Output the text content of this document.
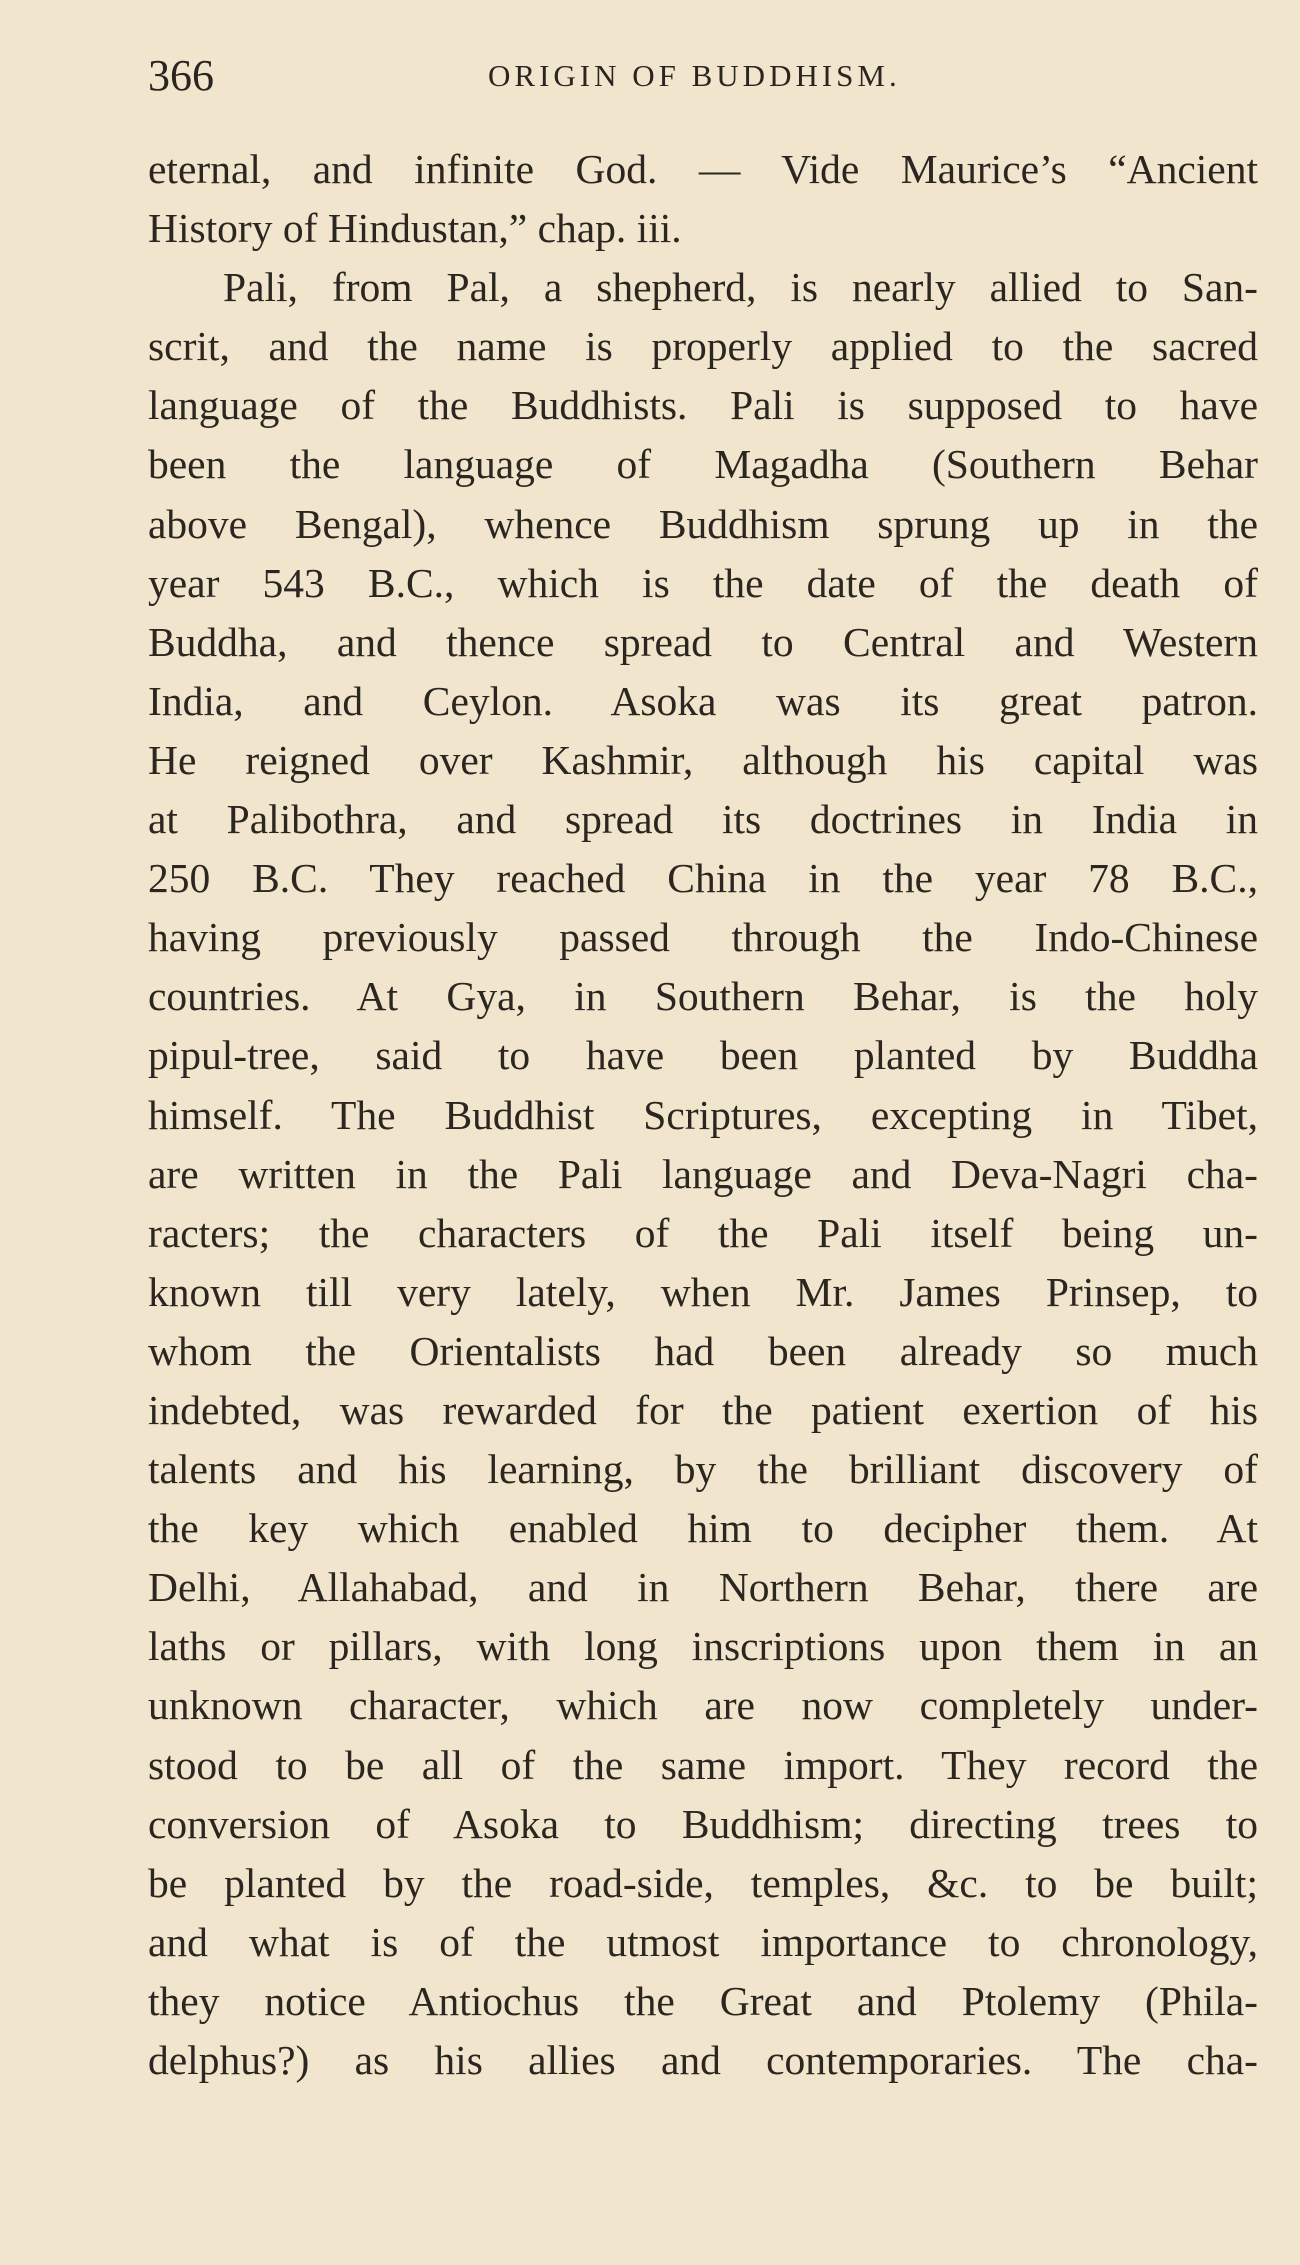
366	ORIGIN OF BUDDHISM.
eternal, and infinite God. — Vide Maurice’s “Ancient
History of Hindustan,” chap. iii.
Pali, from Pal, a shepherd, is nearly allied to San-
scrit, and the name is properly applied to the sacred
language of the Buddhists. Pali is supposed to have
been the language of Magadha (Southern Behar
above Bengal), whence Buddhism sprung up in the
year 543 B.C., which is the date of the death of
Buddha, and thence spread to Central and Western
India, and Ceylon. Asoka was its great patron.
He reigned over Kashmir, although his capital was
at Palibothra, and spread its doctrines in India in
250 B.C. They reached China in the year 78 B.C.,
having previously passed through the Indo-Chinese
countries. At Gya, in Southern Behar, is the holy
pipul-tree, said to have been planted by Buddha
himself. The Buddhist Scriptures, excepting in Tibet,
are written in the Pali language and Deva-Nagri cha-
racters; the characters of the Pali itself being un-
known till very lately, when Mr. James Prinsep, to
whom the Orientalists had been already so much
indebted, was rewarded for the patient exertion of his
talents and his learning, by the brilliant discovery of
the key which enabled him to decipher them. At
Delhi, Allahabad, and in Northern Behar, there are
laths or pillars, with long inscriptions upon them in an
unknown character, which are now completely under-
stood to be all of the same import. They record the
conversion of Asoka to Buddhism; directing trees to
be planted by the road-side, temples, &c. to be built;
and what is of the utmost importance to chronology,
they notice Antiochus the Great and Ptolemy (Phila-
delphus?) as his allies and contemporaries. The cha-
